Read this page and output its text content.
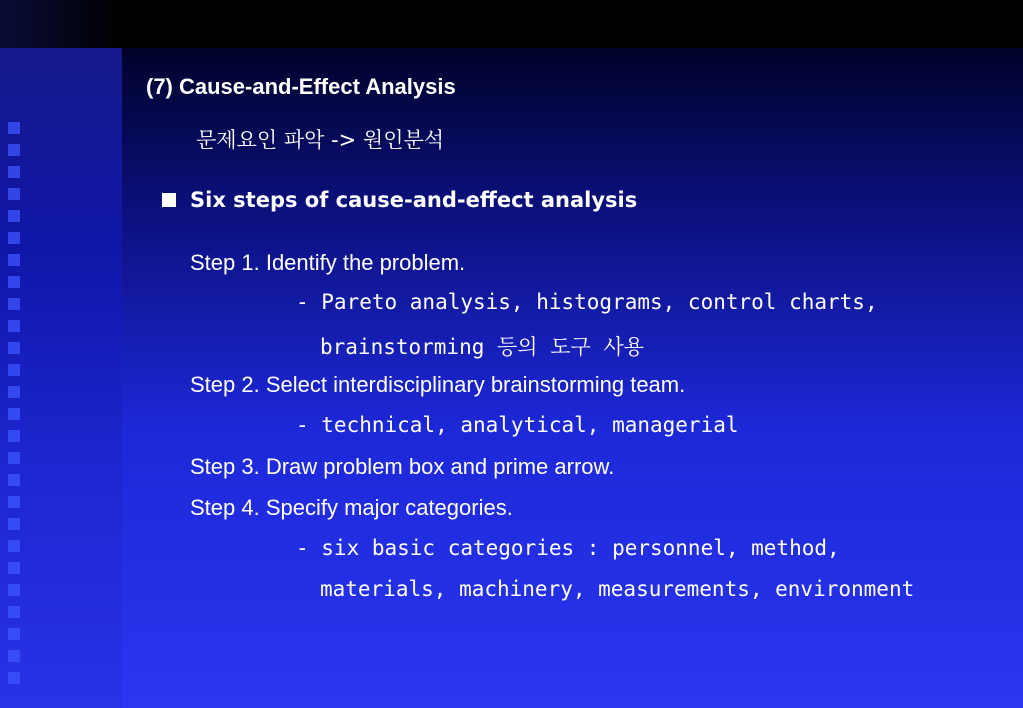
(7) Cause-and-Effect Analysis
문제요인 파악 -> 원인분석
Six steps of cause-and-effect analysis
Step 1. Identify the problem.
- Pareto analysis, histograms, control charts,
brainstorming 등의 도구 사용
Step 2. Select interdisciplinary brainstorming team.
- technical, analytical, managerial
Step 3. Draw problem box and prime arrow.
Step 4. Specify major categories.
- six basic categories : personnel, method,
materials, machinery, measurements, environment
